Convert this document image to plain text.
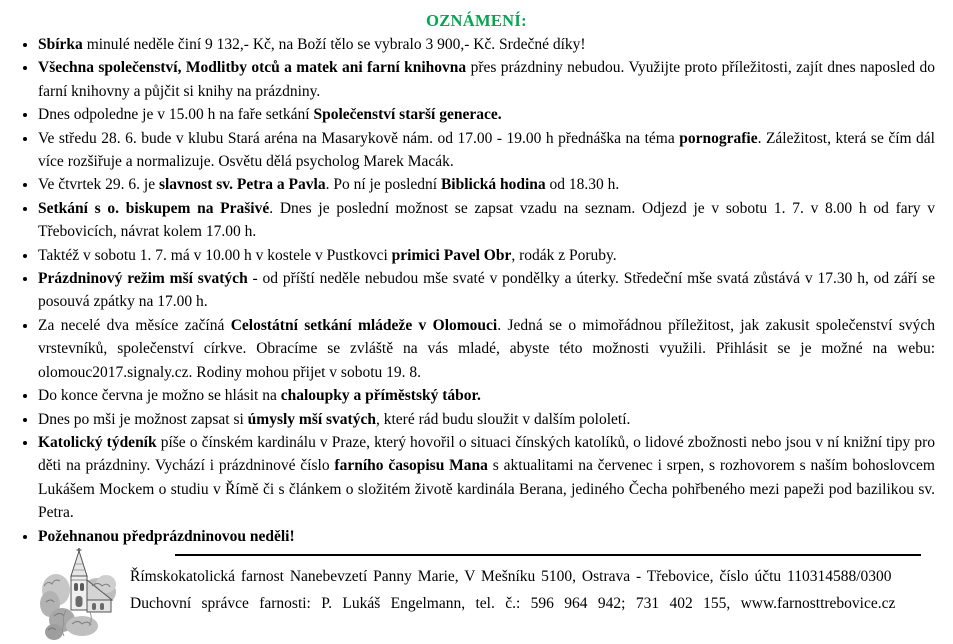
OZNÁMENÍ:
• Sbírka minulé neděle činí 9 132,- Kč, na Boží tělo se vybralo 3 900,- Kč. Srdečné díky!
• Všechna společenství, Modlitby otců a matek ani farní knihovna přes prázdniny nebudou. Využijte proto příležitosti, zajít dnes naposled do farní knihovny a půjčit si knihy na prázdniny.
• Dnes odpoledne je v 15.00 h na faře setkání Společenství starší generace.
• Ve středu 28. 6. bude v klubu Stará aréna na Masarykově nám. od 17.00 - 19.00 h přednáška na téma pornografie. Záležitost, která se čím dál více rozšiřuje a normalizuje. Osvětu dělá psycholog Marek Macák.
• Ve čtvrtek 29. 6. je slavnost sv. Petra a Pavla. Po ní je poslední Biblická hodina od 18.30 h.
• Setkání s o. biskupem na Prašivé. Dnes je poslední možnost se zapsat vzadu na seznam. Odjezd je v sobotu 1. 7. v 8.00 h od fary v Třebovicích, návrat kolem 17.00 h.
• Taktéž v sobotu 1. 7. má v 10.00 h v kostele v Pustkovci primici Pavel Obr, rodák z Poruby.
• Prázdninový režim mší svatých - od příští neděle nebudou mše svaté v pondělky a úterky. Středeční mše svatá zůstává v 17.30 h, od září se posouvá zpátky na 17.00 h.
• Za necelé dva měsíce začíná Celostátní setkání mládeže v Olomouci. Jedná se o mimořádnou příležitost, jak zakusit společenství svých vrstevníků, společenství církve. Obracíme se zvláště na vás mladé, abyste této možnosti využili. Přihlásit se je možné na webu: olomouc2017.signaly.cz. Rodiny mohou přijet v sobotu 19. 8.
• Do konce června je možno se hlásit na chaloupky a příměstský tábor.
• Dnes po mši je možnost zapsat si úmysly mší svatých, které rád budu sloužit v dalším pololetí.
• Katolický týdeník píše o čínském kardinálu v Praze, který hovořil o situaci čínských katolíků, o lidové zbožnosti nebo jsou v ní knižní tipy pro děti na prázdniny. Vychází i prázdninové číslo farního časopisu Mana s aktualitami na červenec i srpen, s rozhovorem s naším bohoslovcem Lukášem Mockem o studiu v Římě či s článkem o složitém životě kardinála Berana, jediného Čecha pohřbeného mezi papeži pod bazilikou sv. Petra.
• Požehnanou předprázdninovou neděli!
Římskokatolická farnost Nanebevzetí Panny Marie, V Mešníku 5100, Ostrava - Třebovice, číslo účtu 110314588/0300
Duchovní správce farnosti: P. Lukáš Engelmann, tel. č.: 596 964 942; 731 402 155, www.farnosttrebovice.cz
